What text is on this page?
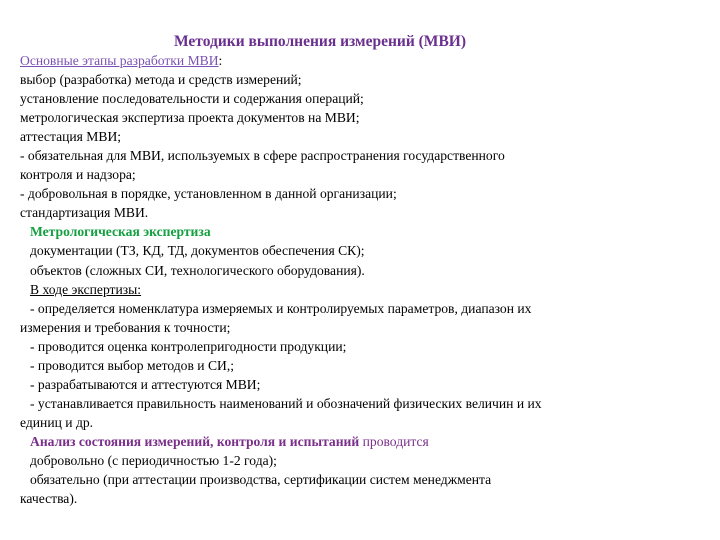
Методики выполнения измерений (МВИ)
Основные этапы разработки МВИ:
выбор (разработка) метода и средств измерений;
установление последовательности и содержания операций;
метрологическая экспертиза проекта документов на МВИ;
аттестация МВИ;
- обязательная для МВИ, используемых в сфере распространения государственного
контроля и надзора;
- добровольная в порядке, установленном в данной организации;
стандартизация МВИ.
Метрологическая экспертиза
документации (ТЗ, КД, ТД, документов обеспечения СК);
объектов (сложных СИ, технологического оборудования).
В ходе экспертизы:
- определяется номенклатура измеряемых и контролируемых параметров, диапазон их
измерения и требования к точности;
- проводится оценка контролепригодности продукции;
- проводится выбор методов и СИ,;
- разрабатываются и аттестуются МВИ;
- устанавливается правильность наименований и обозначений физических величин и их
единиц и др.
Анализ состояния измерений, контроля и испытаний проводится
добровольно (с периодичностью 1-2 года);
обязательно (при аттестации производства, сертификации систем менеджмента
качества).
